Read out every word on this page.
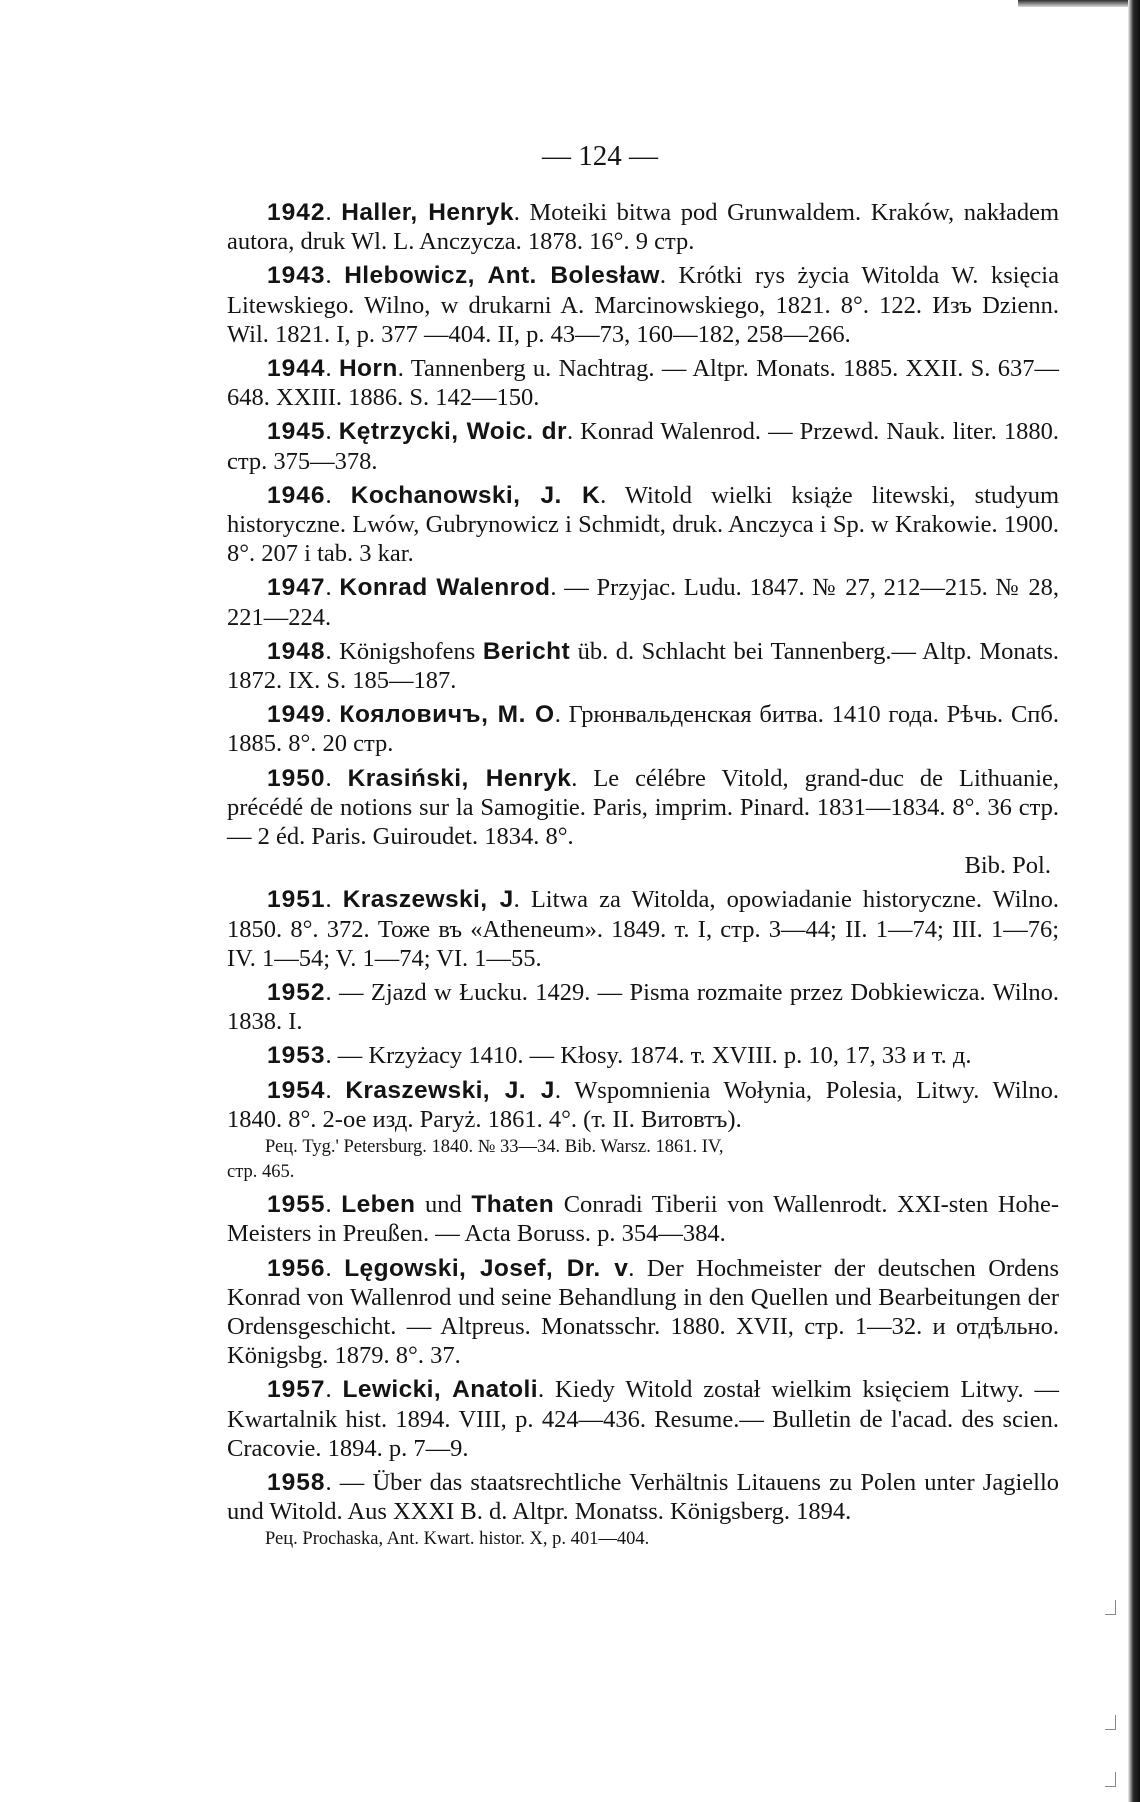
— 124 —
1942. Haller, Henryk. Moteiki bitwa pod Grunwaldem. Kraków, nakładem autora, druk Wl. L. Anczycza. 1878. 16°. 9 стр.
1943. Hlebowicz, Ant. Bolesław. Krótki rys życia Witolda W. księcia Litewskiego. Wilno, w drukarni A. Marcinowskiego, 1821. 8°. 122. Изъ Dzienn. Wil. 1821. I, p. 377 —404. II, p. 43—73, 160—182, 258—266.
1944. Horn. Tannenberg u. Nachtrag. — Altpr. Monats. 1885. XXII. S. 637—648. XXIII. 1886. S. 142—150.
1945. Kętrzycki, Woic. dr. Konrad Walenrod. — Przewd. Nauk. liter. 1880. стр. 375—378.
1946. Kochanowski, J. K. Witold wielki książe litewski, studyum historyczne. Lwów, Gubrynowicz i Schmidt, druk. Anczyca i Sp. w Krakowie. 1900. 8°. 207 i tab. 3 kar.
1947. Konrad Walenrod. — Przyjac. Ludu. 1847. № 27, 212—215. № 28, 221—224.
1948. Königshofens Bericht üb. d. Schlacht bei Tannenberg.— Altp. Monats. 1872. IX. S. 185—187.
1949. Кояловичъ, М. О. Грюнвальденская битва. 1410 года. Рѣчь. Спб. 1885. 8°. 20 стр.
1950. Krasiński, Henryk. Le célébre Vitold, grand-duc de Lithuanie, précédé de notions sur la Samogitie. Paris, imprim. Pinard. 1831—1834. 8°. 36 стр. — 2 éd. Paris. Guiroudet. 1834. 8°.
Bib. Pol.
1951. Kraszewski, J. Litwa za Witolda, opowiadanie historyczne. Wilno. 1850. 8°. 372. Тоже въ «Atheneum». 1849. т. I, стр. 3—44; II. 1—74; III. 1—76; IV. 1—54; V. 1—74; VI. 1—55.
1952. — Zjazd w Łucku. 1429. — Pisma rozmaite przez Dobkiewicza. Wilno. 1838. I.
1953. — Krzyżacy 1410. — Kłosy. 1874. т. XVIII. p. 10, 17, 33 и т. д.
1954. Kraszewski, J. J. Wspomnienia Wołynia, Polesia, Litwy. Wilno. 1840. 8°. 2-ое изд. Paryż. 1861. 4°. (т. II. Витовтъ).
Рец. Tyg.' Petersburg. 1840. № 33—34. Bib. Warsz. 1861. IV,
стр. 465.
1955. Leben und Thaten Conradi Tiberii von Wallenrodt. XXI-sten Hohe-Meisters in Preußen. — Acta Boruss. p. 354—384.
1956. Lęgowski, Josef, Dr. v. Der Hochmeister der deutschen Ordens Konrad von Wallenrod und seine Behandlung in den Quellen und Bearbeitungen der Ordensgeschicht. — Altpreus. Monatsschr. 1880. XVII, стр. 1—32. и отдѣльно. Königsbg. 1879. 8°. 37.
1957. Lewicki, Anatoli. Kiedy Witold został wielkim księciem Litwy. — Kwartalnik hist. 1894. VIII, p. 424—436. Resume.— Bulletin de l'acad. des scien. Cracovie. 1894. p. 7—9.
1958. — Über das staatsrechtliche Verhältnis Litauens zu Polen unter Jagiello und Witold. Aus XXXI B. d. Altpr. Monatss. Königsberg. 1894.
Рец. Prochaska, Ant. Kwart. histor. X, p. 401—404.
